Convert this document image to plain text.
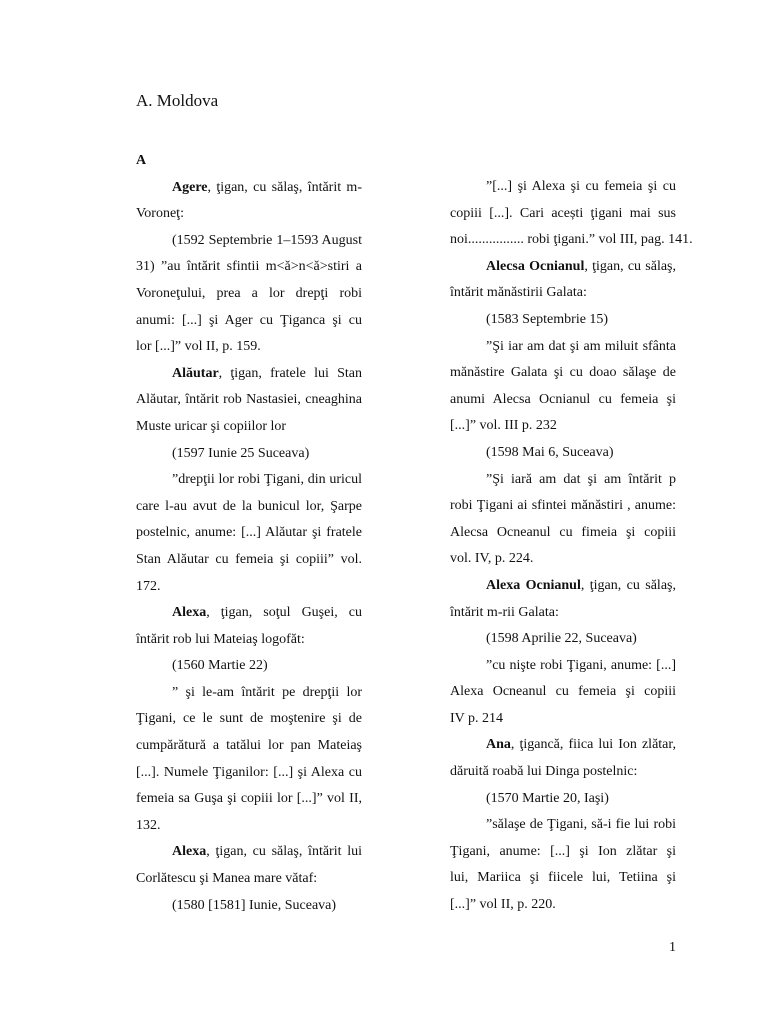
A. Moldova
A
Agere, ţigan, cu sălaş, întărit m-
Voroneţ:
(1592 Septembrie 1–1593 August
31) ”au întărit sfintii m<ă>n<ă>stiri a
Voroneţului, prea a lor drepţi robi
anumi: [...] şi Ager cu Ţiganca şi cu
lor [...]” vol II, p. 159.
Alăutar, ţigan, fratele lui Stan
Alăutar, întărit rob Nastasiei, cneaghina
Muste uricar şi copiilor lor
(1597 Iunie 25 Suceava)
”drepţii lor robi Ţigani, din uricul
care l-au avut de la bunicul lor, Şarpe
postelnic, anume: [...] Alăutar şi fratele
Stan Alăutar cu femeia şi copiii” vol.
172.
Alexa, ţigan, soţul Guşei, cu
întărit rob lui Mateiaş logofăt:
(1560 Martie 22)
” şi le-am întărit pe drepţii lor
Ţigani, ce le sunt de moştenire şi de
cumpărătură a tatălui lor pan Mateiaş
[...]. Numele Ţiganilor: [...] şi Alexa cu
femeia sa Guşa şi copiii lor [...]” vol II,
132.
Alexa, ţigan, cu sălaş, întărit lui
Corlătescu şi Manea mare vătaf:
(1580 [1581] Iunie, Suceava)
”[...] şi Alexa şi cu femeia şi cu
copiii [...]. Cari acești ţigani mai sus
noi................ robi ţigani.” vol III, pag. 141.
Alecsa Ocnianul, ţigan, cu sălaş,
întărit mănăstirii Galata:
(1583 Septembrie 15)
”Şi iar am dat şi am miluit sfânta
mănăstire Galata şi cu doao sălaşe de
anumi Alecsa Ocnianul cu femeia şi
[...]” vol. III p. 232
(1598 Mai 6, Suceava)
”Şi iară am dat şi am întărit p
robi Ţigani ai sfintei mănăstiri , anume:
Alecsa Ocneanul cu fimeia şi copiii
vol. IV, p. 224.
Alexa Ocnianul, ţigan, cu sălaş,
întărit m-rii Galata:
(1598 Aprilie 22, Suceava)
”cu nişte robi Ţigani, anume: [...]
Alexa Ocneanul cu femeia şi copiii
IV p. 214
Ana, ţigancă, fiica lui Ion zlătar,
dăruită roabă lui Dinga postelnic:
(1570 Martie 20, Iaşi)
”sălaşe de Ţigani, să-i fie lui robi
Ţigani, anume: [...] şi Ion zlătar şi
lui, Mariica şi fiicele lui, Tetiina şi
[...]” vol II, p. 220.
1
